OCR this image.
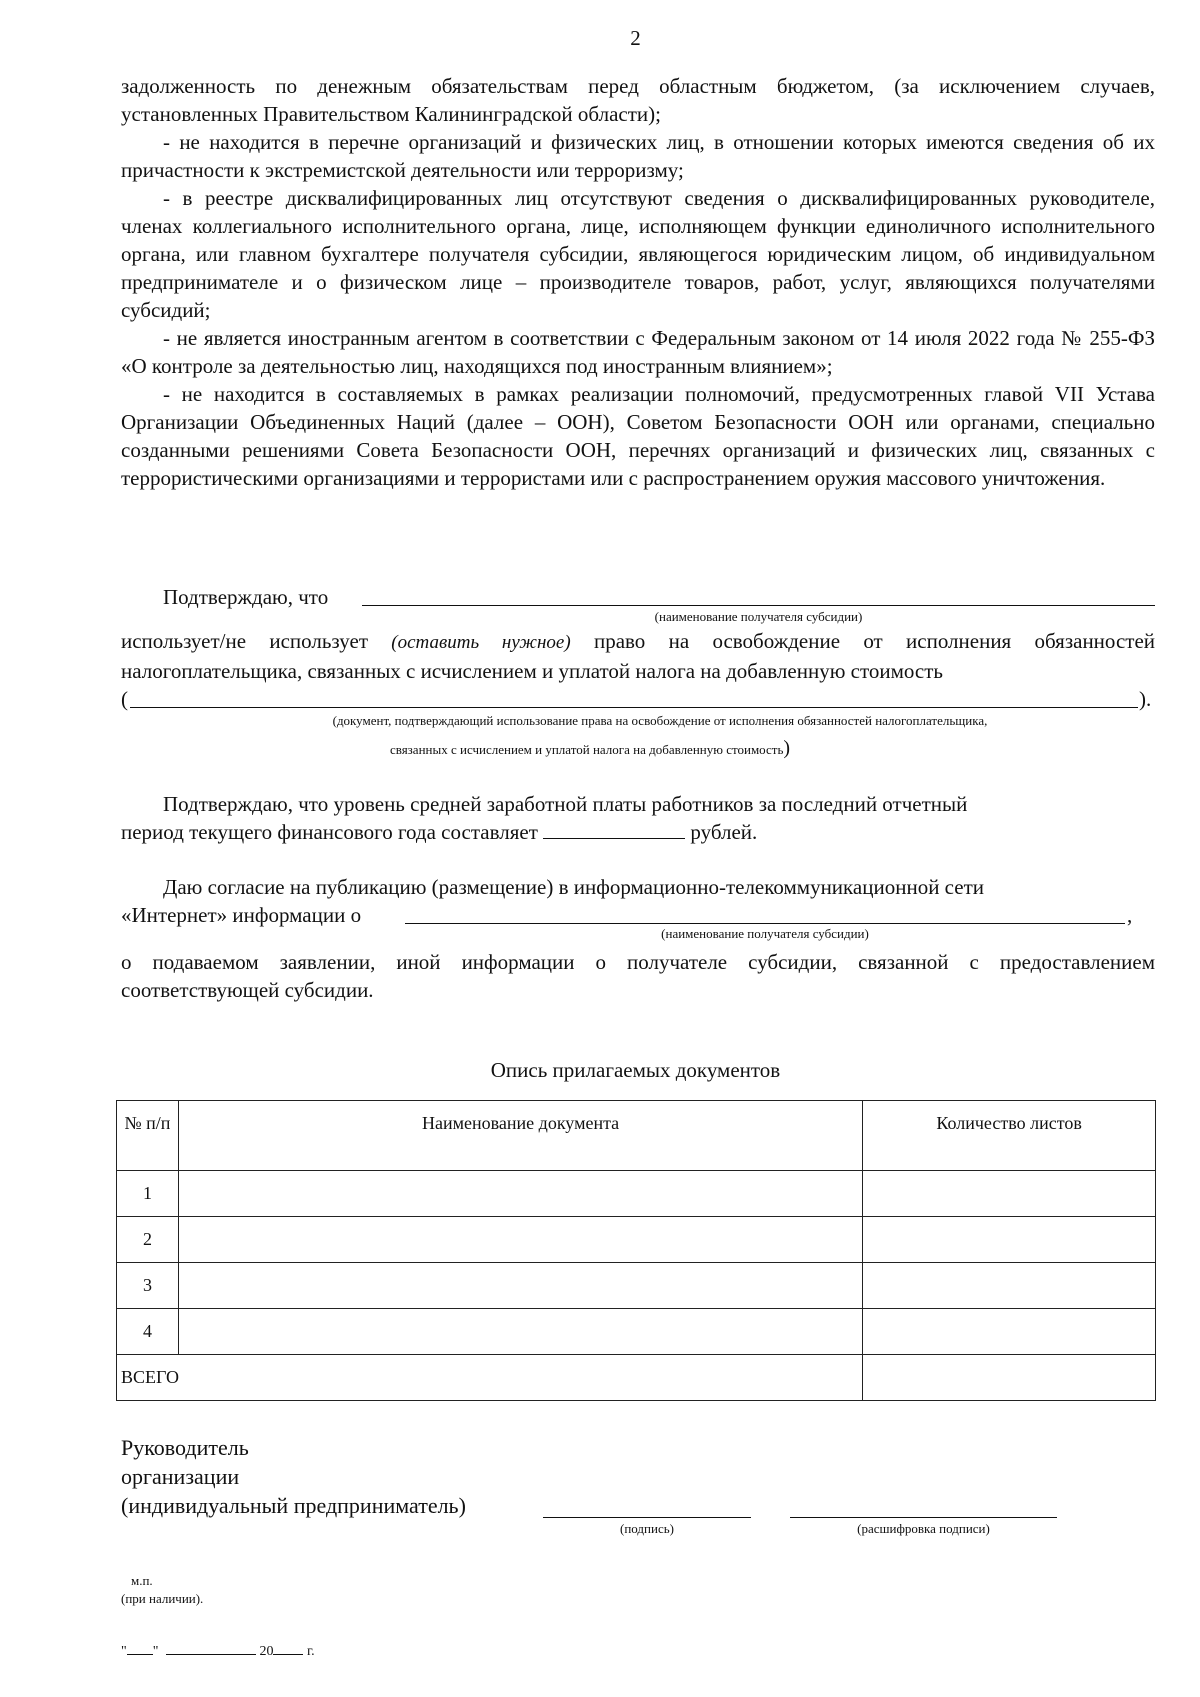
2

задолженность по денежным обязательствам перед областным бюджетом, (за исключением случаев, установленных Правительством Калининградской области);

- не находится в перечне организаций и физических лиц, в отношении которых имеются сведения об их причастности к экстремистской деятельности или терроризму;

- в реестре дисквалифицированных лиц отсутствуют сведения о дисквалифицированных руководителе, членах коллегиального исполнительного органа, лице, исполняющем функции единоличного исполнительного органа, или главном бухгалтере получателя субсидии, являющегося юридическим лицом, об индивидуальном предпринимателе и о физическом лице – производителе товаров, работ, услуг, являющихся получателями субсидий;

- не является иностранным агентом в соответствии с Федеральным законом от 14 июля 2022 года № 255-ФЗ «О контроле за деятельностью лиц, находящихся под иностранным влиянием»;

- не находится в составляемых в рамках реализации полномочий, предусмотренных главой VII Устава Организации Объединенных Наций (далее – ООН), Советом Безопасности ООН или органами, специально созданными решениями Совета Безопасности ООН, перечнях организаций и физических лиц, связанных с террористическими организациями и террористами или с распространением оружия массового уничтожения.

Подтверждаю, что
(наименование получателя субсидии)

использует/не использует (оставить нужное) право на освобождение от исполнения обязанностей налогоплательщика, связанных с исчислением и уплатой налога на добавленную стоимость

(	).
(документ, подтверждающий использование права на освобождение от исполнения обязанностей налогоплательщика,
связанных с исчислением и уплатой налога на добавленную стоимость)

Подтверждаю, что уровень средней заработной платы работников за последний отчетный

период текущего финансового года составляет	рублей.

Даю согласие на публикацию (размещение) в информационно-телекоммуникационной сети

«Интернет» информации о	,
(наименование получателя субсидии)

о подаваемом заявлении, иной информации о получателе субсидии, связанной с предоставлением соответствующей субсидии.

Опись прилагаемых документов
№ п/п	Наименование документа	Количество листов
1		
2		
3		
4		
ВСЕГО		
Руководитель
организации
(индивидуальный предприниматель)
(подпись)	(расшифровка подписи)
м.п.
(при наличии).
" "	20 г.
